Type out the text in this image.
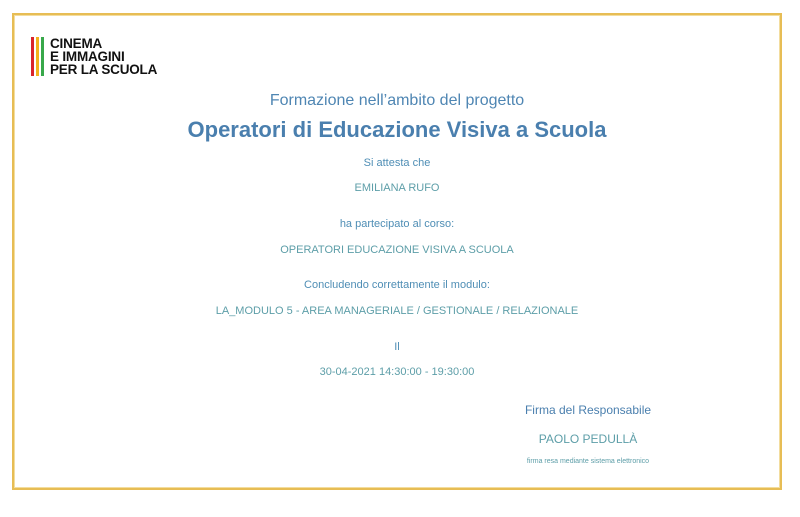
CINEMA
E IMMAGINI
PER LA SCUOLA
Formazione nell’ambito del progetto
Operatori di Educazione Visiva a Scuola
Si attesta che
EMILIANA RUFO
ha partecipato al corso:
OPERATORI EDUCAZIONE VISIVA A SCUOLA
Concludendo correttamente il modulo:
LA_MODULO 5 - AREA MANAGERIALE / GESTIONALE / RELAZIONALE
Il
30-04-2021 14:30:00 - 19:30:00
Firma del Responsabile
PAOLO PEDULLÀ
firma resa mediante sistema elettronico
